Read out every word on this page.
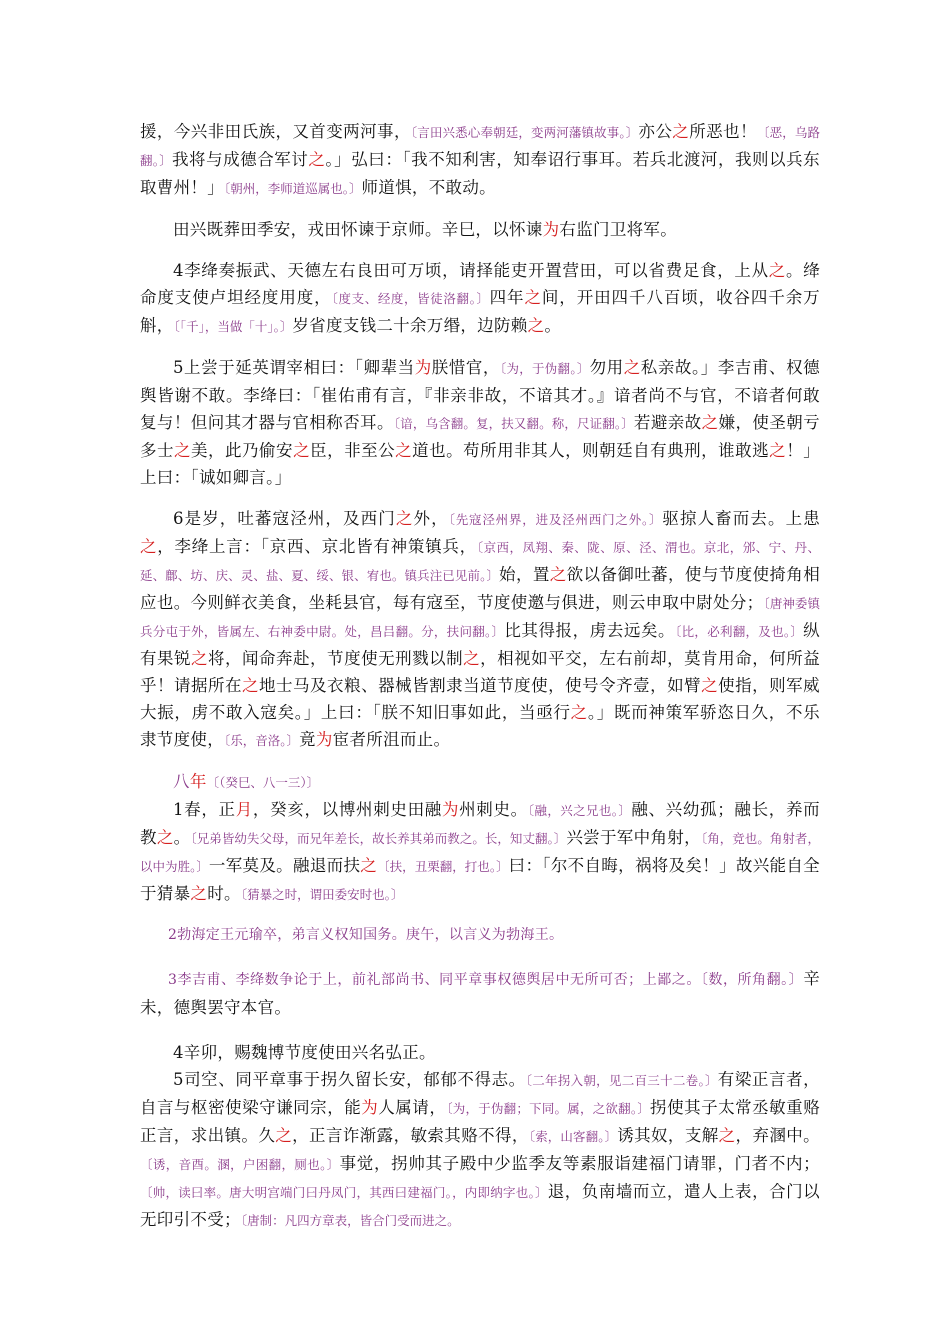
援，今兴非田氏族，又首变两河事，〔言田兴悉心奉朝廷，变两河藩镇故事。〕亦公之所恶也！〔恶，乌路翻。〕我将与成德合军讨之。」弘曰：「我不知利害，知奉诏行事耳。若兵北渡河，我则以兵东取曹州！」〔朝州，李师道巡属也。〕师道惧，不敢动。

田兴既葬田季安，戎田怀谏于京师。辛巳，以怀谏为右监门卫将军。

4李绛奏振武、天德左右良田可万顷，请择能吏开置营田，可以省费足食，上从之。绛命度支使卢坦经度用度，〔度支、经度，皆徒洛翻。〕四年之间，开田四千八百顷，收谷四千余万斛，〔「千」，当做「十」。〕岁省度支钱二十余万缗，边防赖之。

5上尝于延英谓宰相曰：「卿辈当为朕惜官，〔为，于伪翻。〕勿用之私亲故。」李吉甫、权德舆皆谢不敢。李绛曰：「崔佑甫有言，『非亲非故，不谙其才。』谙者尚不与官，不谙者何敢复与！但问其才器与官相称否耳。〔谙，乌含翻。复，扶又翻。称，尺证翻。〕若避亲故之嫌，使圣朝亏多士之美，此乃偷安之臣，非至公之道也。苟所用非其人，则朝廷自有典刑，谁敢逃之！」上曰：「诚如卿言。」

6是岁，吐蕃寇泾州，及西门之外，〔先寇泾州界，进及泾州西门之外。〕驱掠人畜而去。上患之，李绛上言：「京西、京北皆有神策镇兵，〔京西，凤翔、秦、陇、原、泾、渭也。京北，邠、宁、丹、延、鄜、坊、庆、灵、盐、夏、绥、银、宥也。镇兵注已见前。〕始，置之欲以备御吐蕃，使与节度使掎角相应也。今则鲜衣美食，坐耗县官，每有寇至，节度使邀与俱进，则云申取中尉处分；〔唐神委镇兵分屯于外，皆属左、右神委中尉。处，昌吕翻。分，扶问翻。〕比其得报，虏去远矣。〔比，必利翻，及也。〕纵有果锐之将，闻命奔赴，节度使无刑戮以制之，相视如平交，左右前却，莫肯用命，何所益乎！请据所在之地士马及衣粮、器械皆割隶当道节度使，使号令齐壹，如臂之使指，则军威大振，虏不敢入寇矣。」上曰：「朕不知旧事如此，当亟行之。」既而神策军骄恣日久，不乐隶节度使，〔乐，音洛。〕竟为宦者所沮而止。

八年〔（癸巳、八一三）〕

1春，正月，癸亥，以博州刺史田融为州刺史。〔融，兴之兄也。〕融、兴幼孤；融长，养而教之。〔兄弟皆幼失父母，而兄年差长，故长养其弟而教之。长，知丈翻。〕兴尝于军中角射，〔角，竞也。角射者，以中为胜。〕一军莫及。融退而扶之〔扶，丑栗翻，打也。〕曰：「尔不自晦，祸将及矣！」故兴能自全于猜暴之时。〔猜暴之时，谓田委安时也。〕

2勃海定王元瑜卒，弟言义权知国务。庚午，以言义为勃海王。

3李吉甫、李绛数争论于上，前礼部尚书、同平章事权德舆居中无所可否；上鄙之。〔数，所角翻。〕辛未，德舆罢守本官。

4辛卯，赐魏博节度使田兴名弘正。

5司空、同平章事于拐久留长安，郁郁不得志。〔二年拐入朝，见二百三十二卷。〕有梁正言者，自言与枢密使梁守谦同宗，能为人属请，〔为，于伪翻；下同。属，之欲翻。〕拐使其子太常丞敏重赂正言，求出镇。久之，正言诈渐露，敏索其赂不得，〔索，山客翻。〕诱其奴，支解之，弃溷中。〔诱，音酉。溷，户困翻，厕也。〕事觉，拐帅其子殿中少监季友等素服诣建福门请罪，门者不内；〔帅，读曰率。唐大明宫端门曰丹凤门，其西曰建福门。，内即纳字也。〕退，负南墙而立，遣人上表，合门以无印引不受；〔唐制：凡四方章表，皆合门受而进之。
